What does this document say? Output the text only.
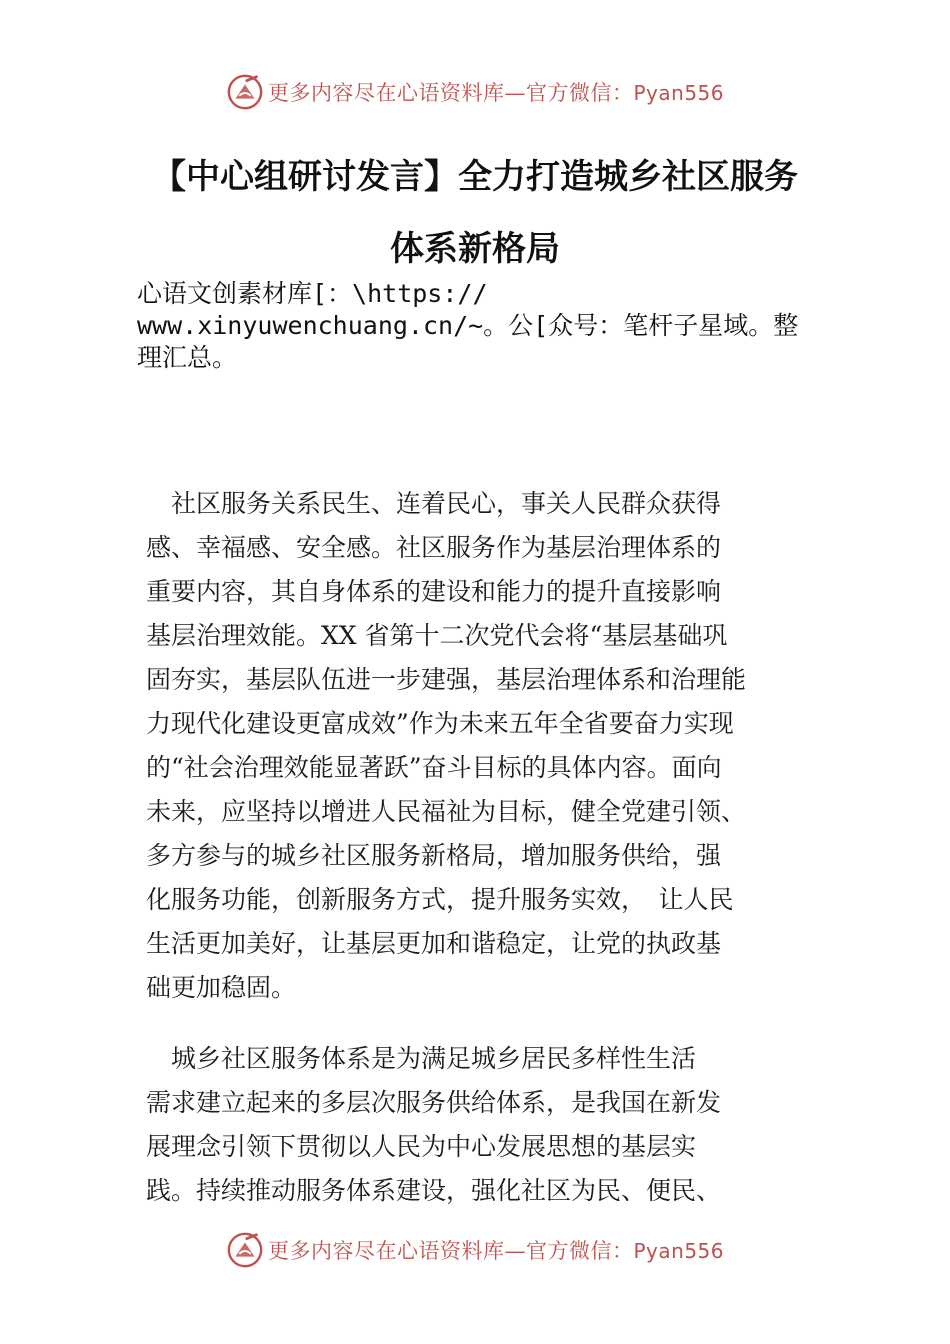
更多内容尽在心语资料库—官方微信：Pyan556
【中心组研讨发言】全力打造城乡社区服务
体系新格局
心语文创素材库[：\https://
www.xinyuwenchuang.cn/~。公[众号：笔杆子星域。整
理汇总。
　社区服务关系民生、连着民心，事关人民群众获得
感、幸福感、安全感。社区服务作为基层治理体系的
重要内容，其自身体系的建设和能力的提升直接影响
基层治理效能。XX 省第十二次党代会将“基层基础巩
固夯实，基层队伍进一步建强，基层治理体系和治理能
力现代化建设更富成效”作为未来五年全省要奋力实现
的“社会治理效能显著跃”奋斗目标的具体内容。面向
未来，应坚持以增进人民福祉为目标，健全党建引领、
多方参与的城乡社区服务新格局，增加服务供给，强
化服务功能，创新服务方式，提升服务实效，　让人民
生活更加美好，让基层更加和谐稳定，让党的执政基
础更加稳固。
　城乡社区服务体系是为满足城乡居民多样性生活
需求建立起来的多层次服务供给体系，是我国在新发
展理念引领下贯彻以人民为中心发展思想的基层实
践。持续推动服务体系建设，强化社区为民、便民、
更多内容尽在心语资料库—官方微信：Pyan556
